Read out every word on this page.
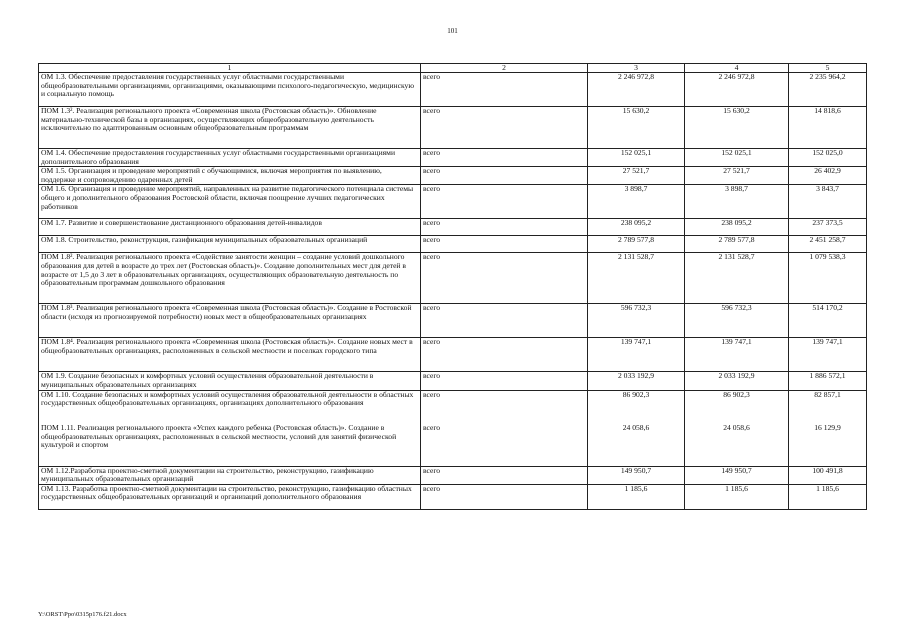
101
1	2	3	4	5
ОМ 1.3. Обеспечение предоставления государственных услуг областными государственными общеобразовательными организациями, организациями, оказывающими психолого-педагогическую, медицинскую и социальную помощь	всего	2 246 972,8	2 246 972,8	2 235 964,2
ПОМ 1.3². Реализация регионального проекта «Современная школа (Ростовская область)». Обновление материально-технической базы в организациях, осуществляющих общеобразовательную деятельность исключительно по адаптированным основным общеобразовательным программам	всего	15 630,2	15 630,2	14 818,6
ОМ 1.4. Обеспечение предоставления государственных услуг областными государственными организациями дополнительного образования	всего	152 025,1	152 025,1	152 025,0
ОМ 1.5. Организация и проведение мероприятий с обучающимися, включая мероприятия по выявлению, поддержке и сопровождению одаренных детей	всего	27 521,7	27 521,7	26 402,9
ОМ 1.6. Организация и проведение мероприятий, направленных на развитие педагогического потенциала системы общего и дополнительного образования Ростовской области, включая поощрение лучших педагогических работников	всего	3 898,7	3 898,7	3 843,7
ОМ 1.7. Развитие и совершенствование дистанционного образования детей-инвалидов	всего	238 095,2	238 095,2	237 373,5
ОМ 1.8. Строительство, реконструкция, газификация муниципальных образовательных организаций	всего	2 789 577,8	2 789 577,8	2 451 258,7
ПОМ 1.8². Реализация регионального проекта «Содействие занятости женщин – создание условий дошкольного образования для детей в возрасте до трех лет (Ростовская область)». Создание дополнительных мест для детей в возрасте от 1,5 до 3 лет в образовательных организациях, осуществляющих образовательную деятельность по образовательным программам дошкольного образования	всего	2 131 528,7	2 131 528,7	1 079 538,3
ПОМ 1.8³. Реализация регионального проекта «Современная школа (Ростовская область)». Создание в Ростовской области (исходя из прогнозируемой потребности) новых мест в общеобразовательных организациях	всего	596 732,3	596 732,3	514 170,2
ПОМ 1.8⁴. Реализация регионального проекта «Современная школа (Ростовская область)». Создание новых мест в общеобразовательных организациях, расположенных в сельской местности и поселках городского типа	всего	139 747,1	139 747,1	139 747,1
ОМ 1.9. Создание безопасных и комфортных условий осуществления образовательной деятельности в муниципальных образовательных организациях	всего	2 033 192,9	2 033 192,9	1 886 572,1
ОМ 1.10. Создание безопасных и комфортных условий осуществления образовательной деятельности в областных государственных общеобразовательных организациях, организациях дополнительного образования	всего	86 902,3	86 902,3	82 857,1
ПОМ 1.11. Реализация регионального проекта «Успех каждого ребенка (Ростовская область)». Создание в общеобразовательных организациях, расположенных в сельской местности, условий для занятий физической культурой и спортом	всего	24 058,6	24 058,6	16 129,9
ОМ 1.12.Разработка проектно-сметной документации на строительство, реконструкцию, газификацию муниципальных образовательных организаций	всего	149 950,7	149 950,7	100 491,8
ОМ 1.13. Разработка проектно-сметной документации на строительство, реконструкцию, газификацию областных государственных общеобразовательных организаций и организаций дополнительного образования	всего	1 185,6	1 185,6	1 185,6
Y:\ORST\Ppo\0315p176.f21.docx
